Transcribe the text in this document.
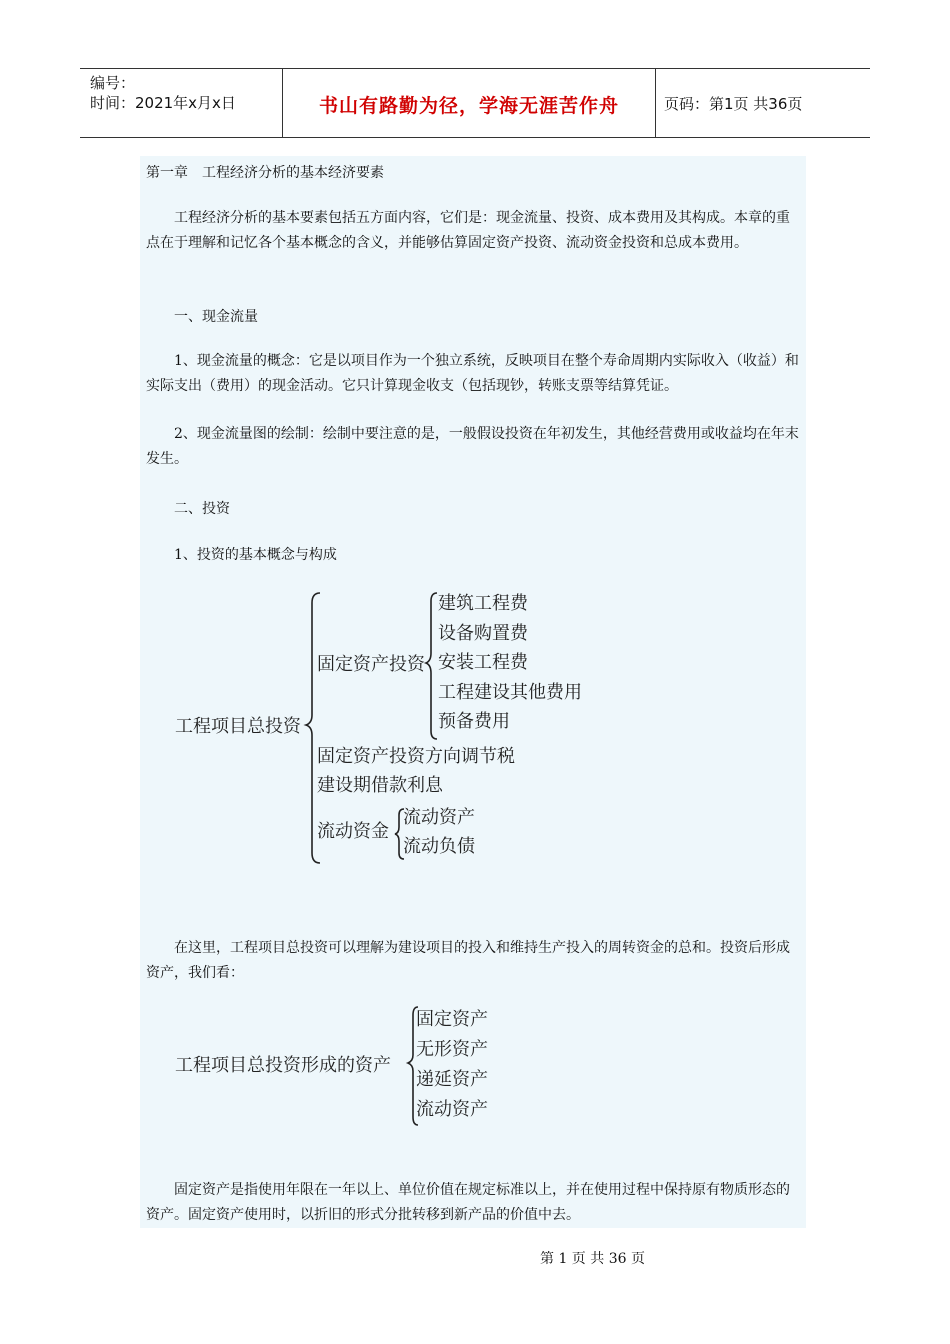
编号：
时间：2021年x月x日	书山有路勤为径，学海无涯苦作舟	页码：第1页 共36页
第一章　工程经济分析的基本经济要素
工程经济分析的基本要素包括五方面内容，它们是：现金流量、投资、成本费用及其构成。本章的重点在于理解和记忆各个基本概念的含义，并能够估算固定资产投资、流动资金投资和总成本费用。
一、现金流量
1、现金流量的概念：它是以项目作为一个独立系统，反映项目在整个寿命周期内实际收入（收益）和实际支出（费用）的现金活动。它只计算现金收支（包括现钞，转账支票等结算凭证。
2、现金流量图的绘制：绘制中要注意的是，一般假设投资在年初发生，其他经营费用或收益均在年末发生。
二、投资
1、投资的基本概念与构成
工程项目总投资
固定资产投资
建筑工程费
设备购置费
安装工程费
工程建设其他费用
预备费用
固定资产投资方向调节税
建设期借款利息
流动资金
流动资产
流动负债
在这里，工程项目总投资可以理解为建设项目的投入和维持生产投入的周转资金的总和。投资后形成资产，我们看：
工程项目总投资形成的资产
固定资产
无形资产
递延资产
流动资产
固定资产是指使用年限在一年以上、单位价值在规定标准以上，并在使用过程中保持原有物质形态的资产。固定资产使用时，以折旧的形式分批转移到新产品的价值中去。
第 1 页 共 36 页
